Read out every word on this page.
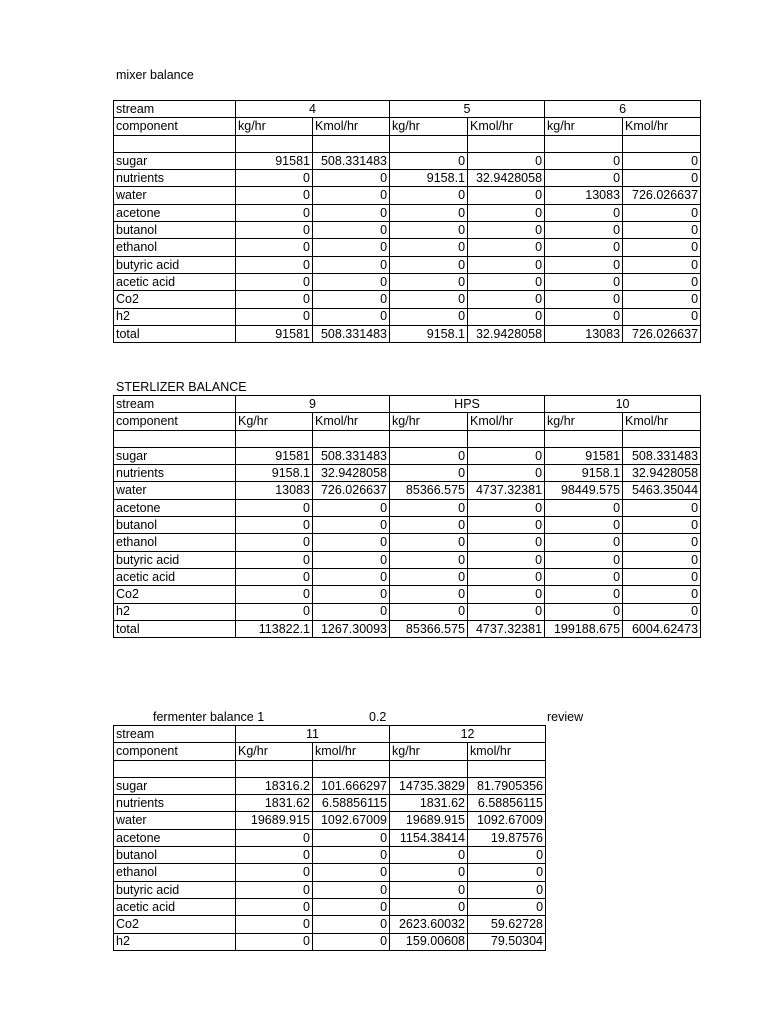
mixer balance
stream	4		5		6	
component	kg/hr	Kmol/hr	kg/hr	Kmol/hr	kg/hr	Kmol/hr

sugar	91581	508.331483	0	0	0	0
nutrients	0	0	9158.1	32.9428058	0	0
water	0	0	0	0	13083	726.026637
acetone	0	0	0	0	0	0
butanol	0	0	0	0	0	0
ethanol	0	0	0	0	0	0
butyric acid	0	0	0	0	0	0
acetic acid	0	0	0	0	0	0
Co2	0	0	0	0	0	0
h2	0	0	0	0	0	0
total	91581	508.331483	9158.1	32.9428058	13083	726.026637
STERLIZER BALANCE
stream	9		HPS		10	
component	Kg/hr	Kmol/hr	kg/hr	Kmol/hr	kg/hr	Kmol/hr

sugar	91581	508.331483	0	0	91581	508.331483
nutrients	9158.1	32.9428058	0	0	9158.1	32.9428058
water	13083	726.026637	85366.575	4737.32381	98449.575	5463.35044
acetone	0	0	0	0	0	0
butanol	0	0	0	0	0	0
ethanol	0	0	0	0	0	0
butyric acid	0	0	0	0	0	0
acetic acid	0	0	0	0	0	0
Co2	0	0	0	0	0	0
h2	0	0	0	0	0	0
total	113822.1	1267.30093	85366.575	4737.32381	199188.675	6004.62473
fermenter balance 1	0.2	review
stream	11		12	
component	Kg/hr	kmol/hr	kg/hr	kmol/hr

sugar	18316.2	101.666297	14735.3829	81.7905356
nutrients	1831.62	6.58856115	1831.62	6.58856115
water	19689.915	1092.67009	19689.915	1092.67009
acetone	0	0	1154.38414	19.87576
butanol	0	0	0	0
ethanol	0	0	0	0
butyric acid	0	0	0	0
acetic acid	0	0	0	0
Co2	0	0	2623.60032	59.62728
h2	0	0	159.00608	79.50304
